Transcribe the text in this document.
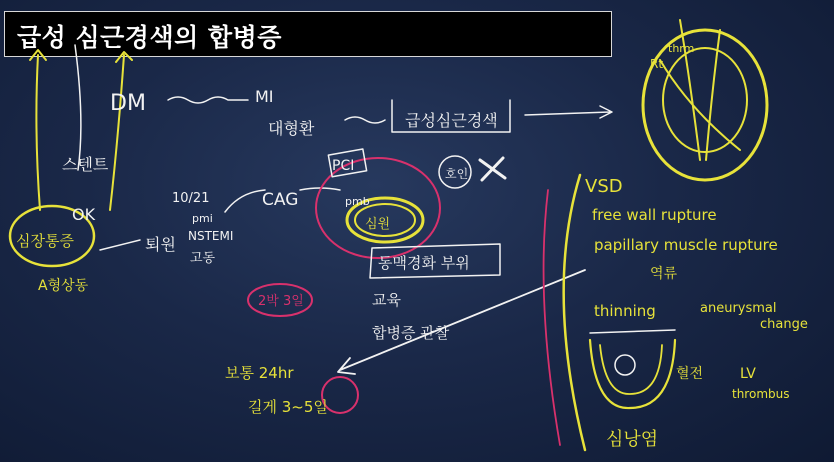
급성 심근경색의 합병증
DM	MI
대형환	급성심근경색
스텐트
OK
퇴원
10/21
pmi
NSTEMI
고동
CAG
PCI
pmb
호인
동맥경화 부위
교육
합병증 관찰
심장통증
A형상동
심원
보통 24hr
길게 3~5일
VSD
free wall rupture
papillary muscle rupture
역류
thinning	aneurysmal
change
혈전	LV
thrombus
심낭염
Rt
thrm
2박 3일
